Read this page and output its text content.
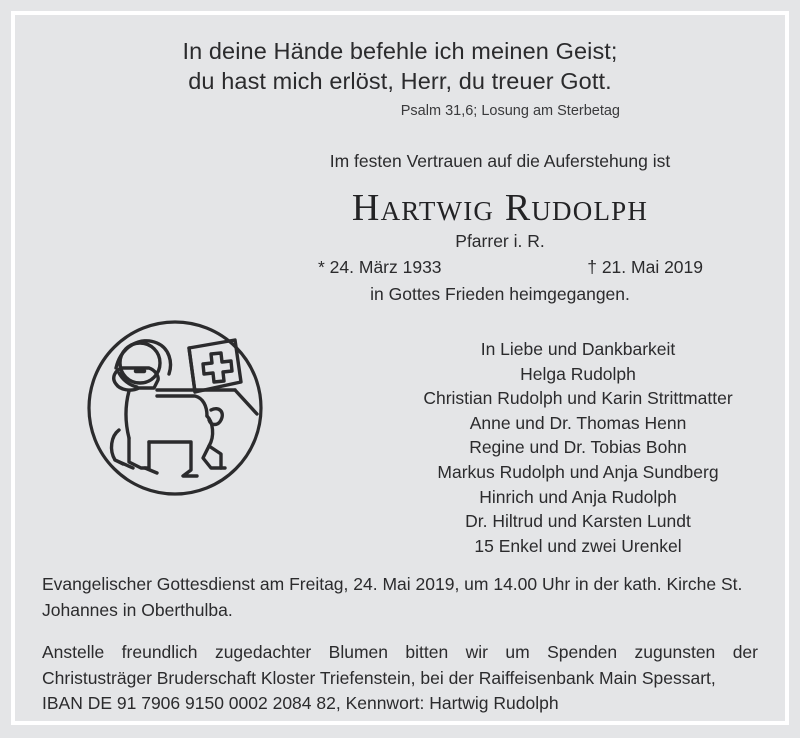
In deine Hände befehle ich meinen Geist;
du hast mich erlöst, Herr, du treuer Gott.
Psalm 31,6; Losung am Sterbetag
Im festen Vertrauen auf die Auferstehung ist
Hartwig Rudolph
Pfarrer i. R.
* 24. März 1933	† 21. Mai 2019
in Gottes Frieden heimgegangen.
In Liebe und Dankbarkeit
Helga Rudolph
Christian Rudolph und Karin Strittmatter
Anne und Dr. Thomas Henn
Regine und Dr. Tobias Bohn
Markus Rudolph und Anja Sundberg
Hinrich und Anja Rudolph
Dr. Hiltrud und Karsten Lundt
15 Enkel und zwei Urenkel
Evangelischer Gottesdienst am Freitag, 24. Mai 2019, um 14.00 Uhr in der kath. Kirche St. Johannes in Oberthulba.
Anstelle freundlich zugedachter Blumen bitten wir um Spenden zugunsten der Christusträger Bruderschaft Kloster Triefenstein, bei der Raiffeisenbank Main Spessart,
IBAN DE 91 7906 9150 0002 2084 82, Kennwort: Hartwig Rudolph
